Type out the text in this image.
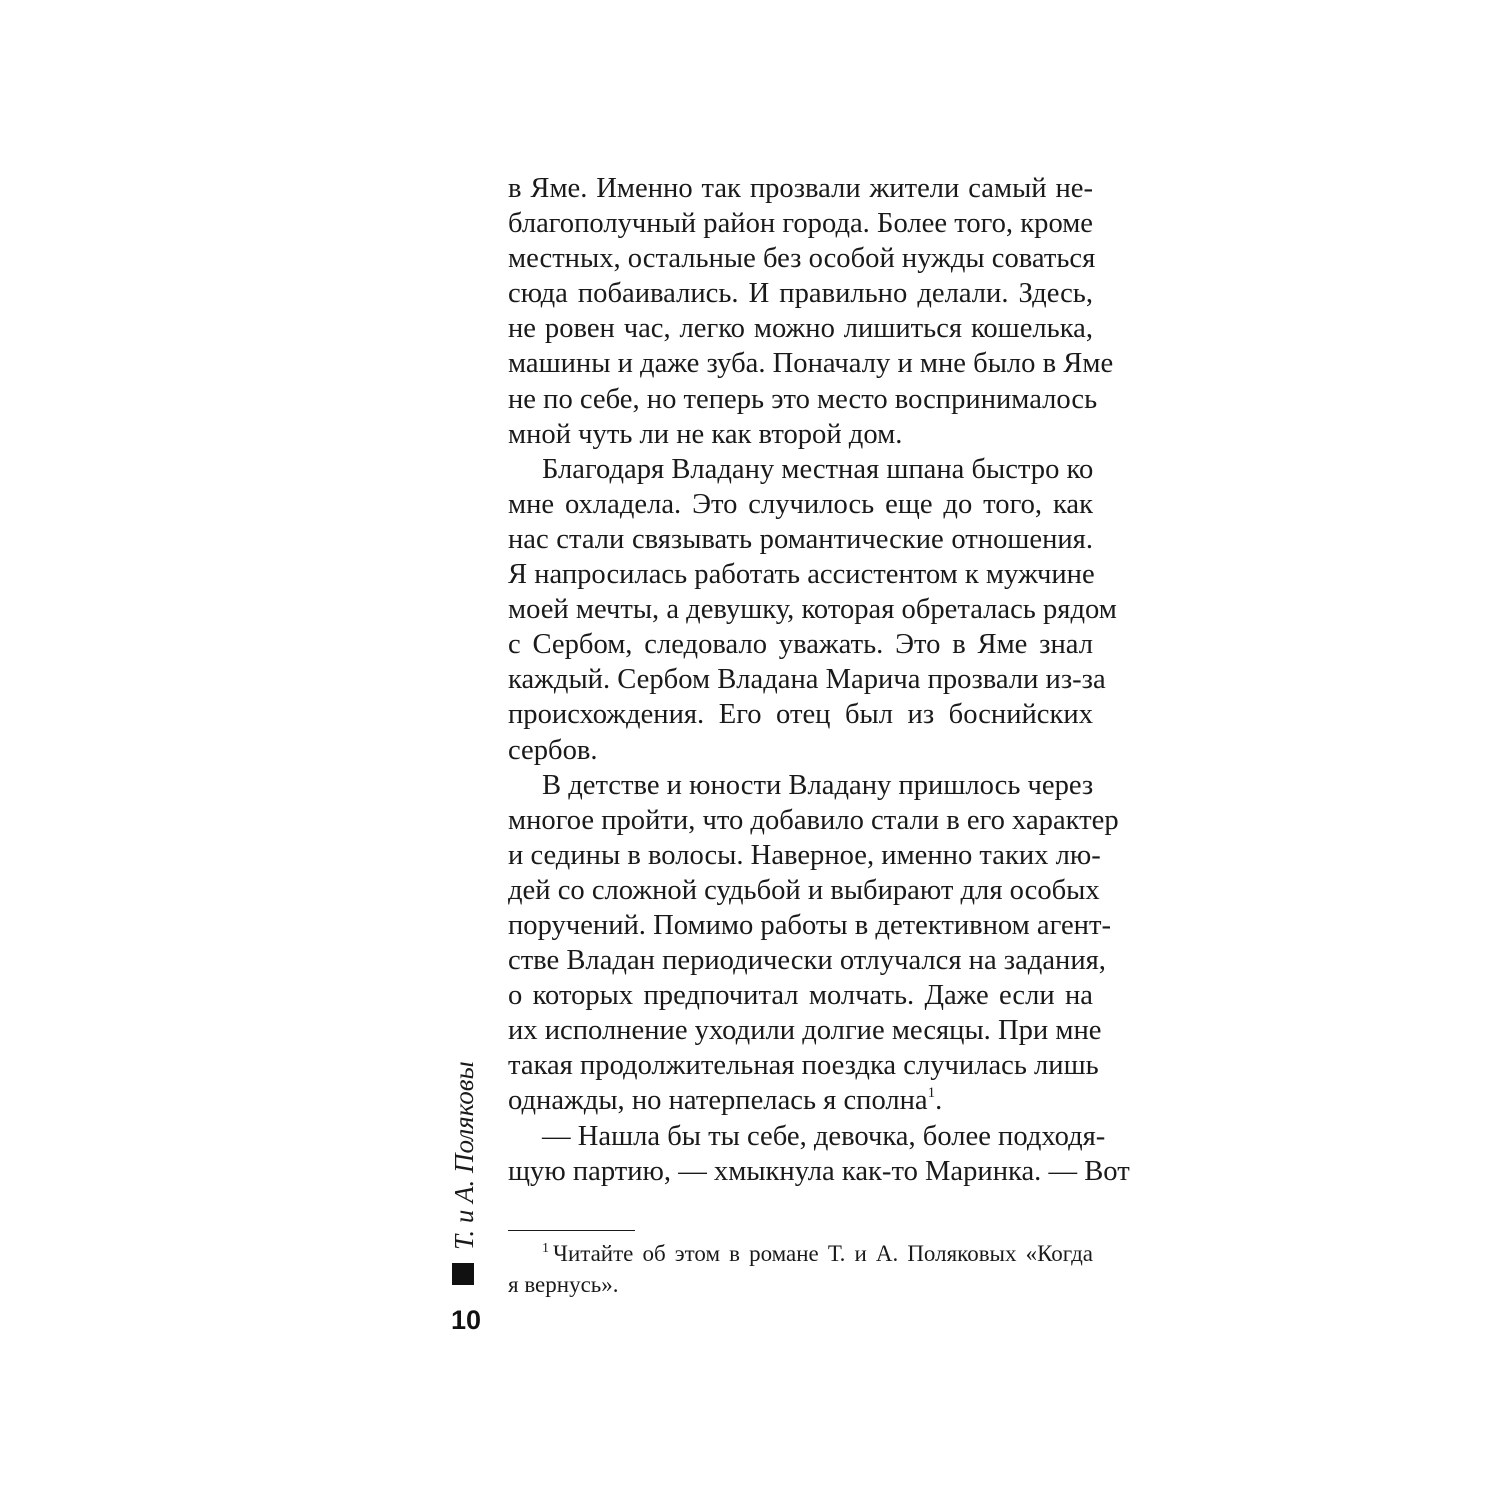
в Яме. Именно так прозвали жители самый не-
благополучный район города. Более того, кроме
местных, остальные без особой нужды соваться
сюда побаивались. И правильно делали. Здесь,
не ровен час, легко можно лишиться кошелька,
машины и даже зуба. Поначалу и мне было в Яме
не по себе, но теперь это место воспринималось
мной чуть ли не как второй дом.
Благодаря Владану местная шпана быстро ко
мне охладела. Это случилось еще до того, как
нас стали связывать романтические отношения.
Я напросилась работать ассистентом к мужчине
моей мечты, а девушку, которая обреталась рядом
с Сербом, следовало уважать. Это в Яме знал
каждый. Сербом Владана Марича прозвали из-за
происхождения. Его отец был из боснийских
сербов.
В детстве и юности Владану пришлось через
многое пройти, что добавило стали в его характер
и седины в волосы. Наверное, именно таких лю-
дей со сложной судьбой и выбирают для особых
поручений. Помимо работы в детективном агент-
стве Владан периодически отлучался на задания,
о которых предпочитал молчать. Даже если на
их исполнение уходили долгие месяцы. При мне
такая продолжительная поездка случилась лишь
однажды, но натерпелась я сполна$^1$.
— Нашла бы ты себе, девочка, более подходя-
щую партию, — хмыкнула как-то Маринка. — Вот
$^1$ Читайте об этом в романе Т. и А. Поляковых «Когда
я вернусь».
Т. и А. Поляковы
10
